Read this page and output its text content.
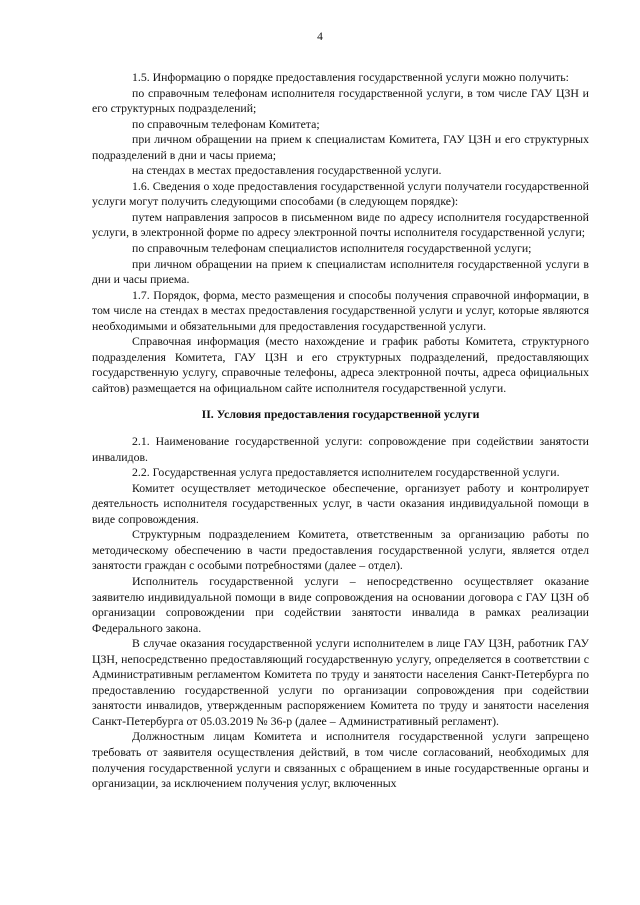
4

1.5. Информацию о порядке предоставления государственной услуги можно получить:

по справочным телефонам исполнителя государственной услуги, в том числе ГАУ ЦЗН и его структурных подразделений;

по справочным телефонам Комитета;

при личном обращении на прием к специалистам Комитета, ГАУ ЦЗН и его структурных подразделений в дни и часы приема;

на стендах в местах предоставления государственной услуги.

1.6. Сведения о ходе предоставления государственной услуги получатели государственной услуги могут получить следующими способами (в следующем порядке):

путем направления запросов в письменном виде по адресу исполнителя государственной услуги, в электронной форме по адресу электронной почты исполнителя государственной услуги;

по справочным телефонам специалистов исполнителя государственной услуги;

при личном обращении на прием к специалистам исполнителя государственной услуги в дни и часы приема.

1.7. Порядок, форма, место размещения и способы получения справочной информации, в том числе на стендах в местах предоставления государственной услуги и услуг, которые являются необходимыми и обязательными для предоставления государственной услуги.

Справочная информация (место нахождение и график работы Комитета, структурного подразделения Комитета, ГАУ ЦЗН и его структурных подразделений, предоставляющих государственную услугу, справочные телефоны, адреса электронной почты, адреса официальных сайтов) размещается на официальном сайте исполнителя государственной услуги.

II. Условия предоставления государственной услуги

2.1. Наименование государственной услуги: сопровождение при содействии занятости инвалидов.

2.2. Государственная услуга предоставляется исполнителем государственной услуги.

Комитет осуществляет методическое обеспечение, организует работу и контролирует деятельность исполнителя государственных услуг, в части оказания индивидуальной помощи в виде сопровождения.

Структурным подразделением Комитета, ответственным за организацию работы по методическому обеспечению в части предоставления государственной услуги, является отдел занятости граждан с особыми потребностями (далее – отдел).

Исполнитель государственной услуги – непосредственно осуществляет оказание заявителю индивидуальной помощи в виде сопровождения на основании договора с ГАУ ЦЗН об организации сопровождении при содействии занятости инвалида в рамках реализации Федерального закона.

В случае оказания государственной услуги исполнителем в лице ГАУ ЦЗН, работник ГАУ ЦЗН, непосредственно предоставляющий государственную услугу, определяется в соответствии с Административным регламентом Комитета по труду и занятости населения Санкт-Петербурга по предоставлению государственной услуги по организации сопровождения при содействии занятости инвалидов, утвержденным распоряжением Комитета по труду и занятости населения Санкт-Петербурга от 05.03.2019 № 36-р (далее – Административный регламент).

Должностным лицам Комитета и исполнителя государственной услуги запрещено требовать от заявителя осуществления действий, в том числе согласований, необходимых для получения государственной услуги и связанных с обращением в иные государственные органы и организации, за исключением получения услуг, включенных
